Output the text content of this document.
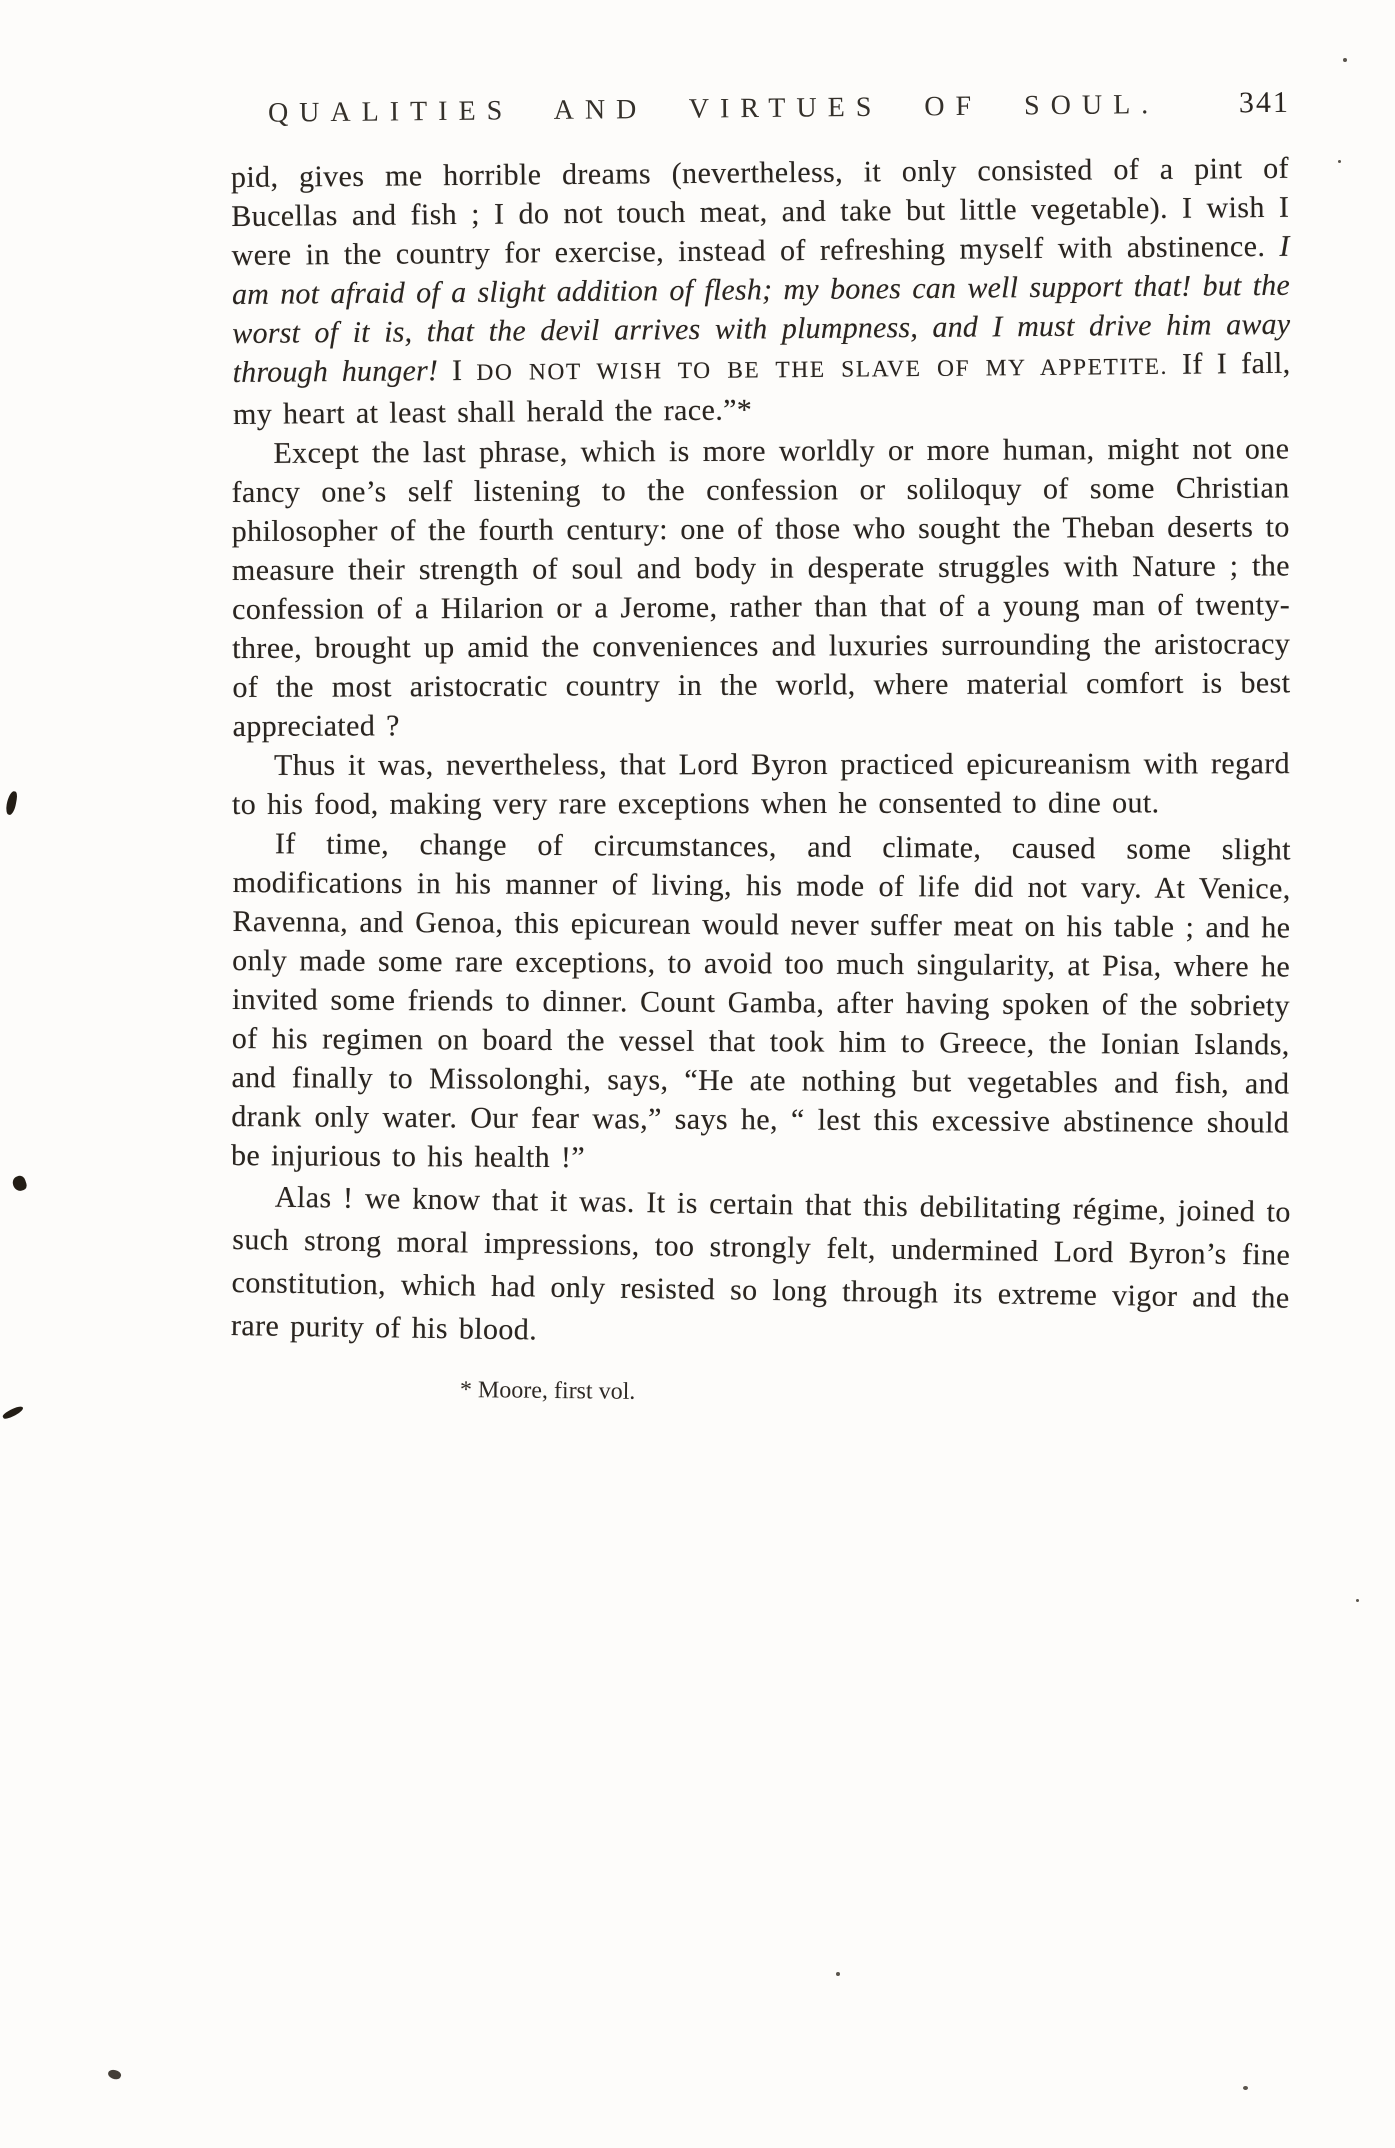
QUALITIES AND VIRTUES OF SOUL.	341

pid, gives me horrible dreams (nevertheless, it only consisted of a pint of Bucellas and fish ; I do not touch meat, and take but little vegetable). I wish I were in the country for exercise, instead of refreshing myself with abstinence. I am not afraid of a slight addition of flesh; my bones can well support that! but the worst of it is, that the devil arrives with plumpness, and I must drive him away through hunger! I DO NOT WISH TO BE THE SLAVE OF MY APPETITE. If I fall, my heart at least shall herald the race.”*

Except the last phrase, which is more worldly or more human, might not one fancy one’s self listening to the confession or soliloquy of some Christian philosopher of the fourth century: one of those who sought the Theban deserts to measure their strength of soul and body in desperate struggles with Nature ; the confession of a Hilarion or a Jerome, rather than that of a young man of twenty-three, brought up amid the conveniences and luxuries surrounding the aristocracy of the most aristocratic country in the world, where material comfort is best appreciated ?

Thus it was, nevertheless, that Lord Byron practiced epicureanism with regard to his food, making very rare exceptions when he consented to dine out.

If time, change of circumstances, and climate, caused some slight modifications in his manner of living, his mode of life did not vary. At Venice, Ravenna, and Genoa, this epicurean would never suffer meat on his table ; and he only made some rare exceptions, to avoid too much singularity, at Pisa, where he invited some friends to dinner. Count Gamba, after having spoken of the sobriety of his regimen on board the vessel that took him to Greece, the Ionian Islands, and finally to Missolonghi, says, “He ate nothing but vegetables and fish, and drank only water. Our fear was,” says he, “ lest this excessive abstinence should be injurious to his health !”

Alas ! we know that it was. It is certain that this debilitating régime, joined to such strong moral impressions, too strongly felt, undermined Lord Byron’s fine constitution, which had only resisted so long through its extreme vigor and the rare purity of his blood.

* Moore, first vol.
